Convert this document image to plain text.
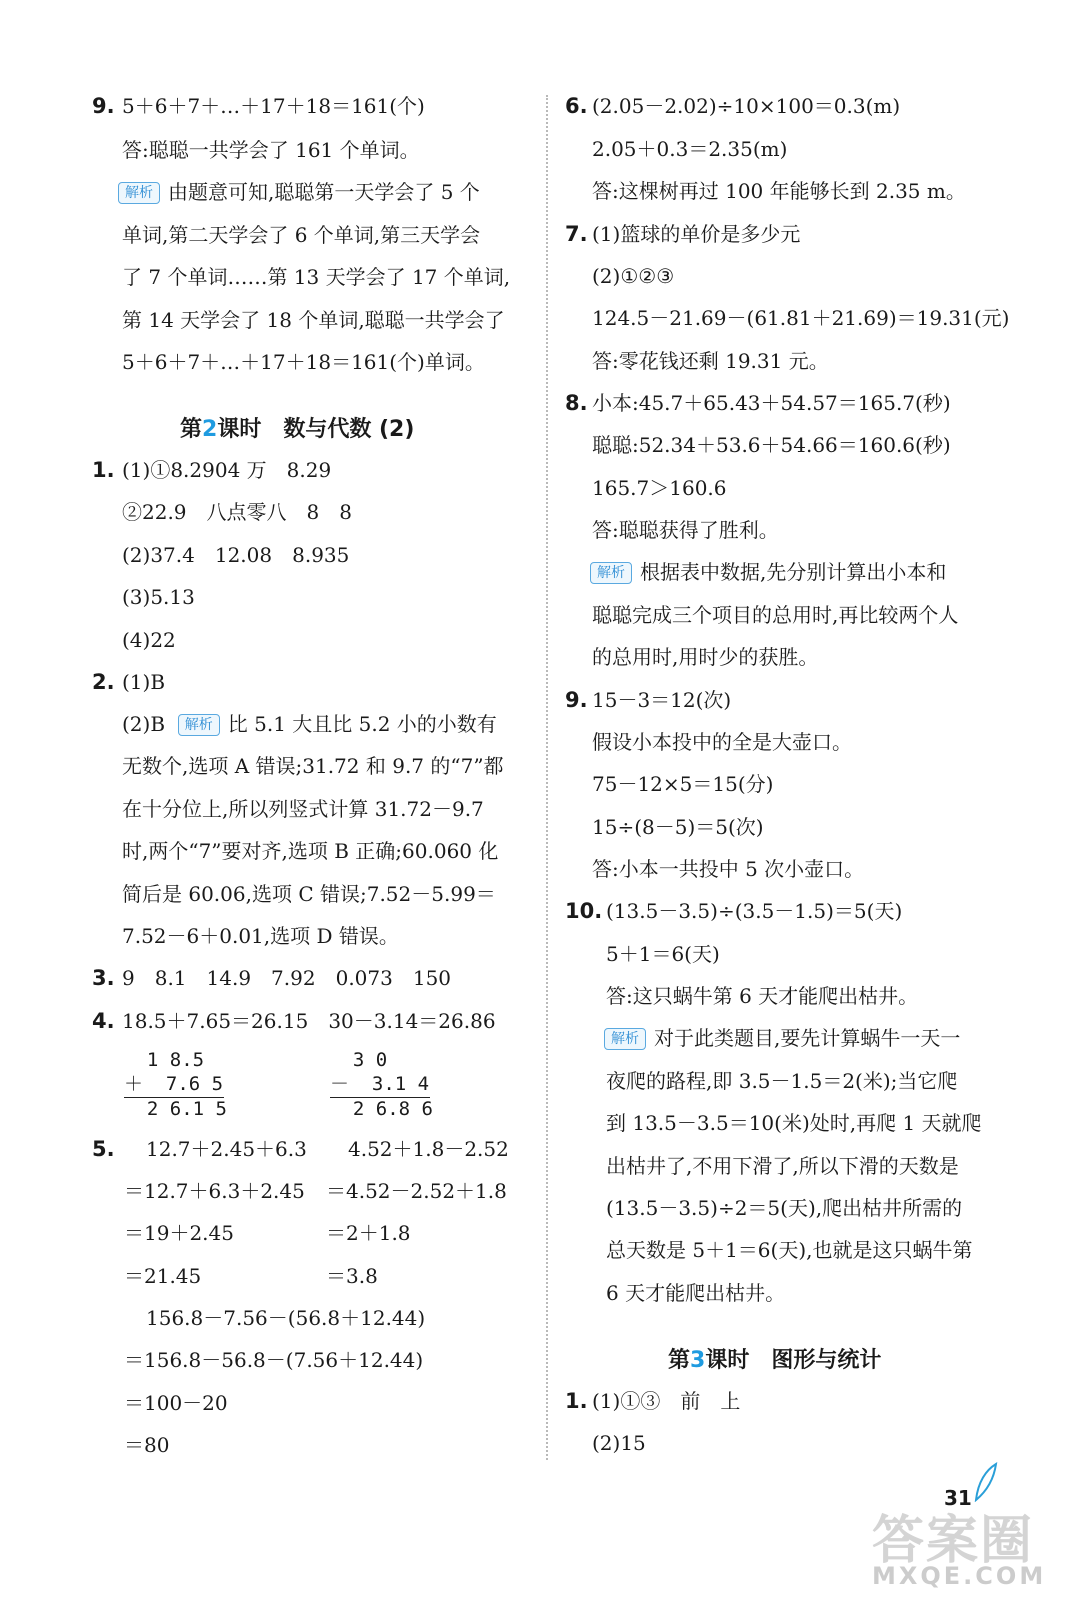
9. 5＋6＋7＋…＋17＋18＝161(个)
答:聪聪一共学会了 161 个单词。
解析 由题意可知,聪聪第一天学会了 5 个
单词,第二天学会了 6 个单词,第三天学会
了 7 个单词……第 13 天学会了 17 个单词,
第 14 天学会了 18 个单词,聪聪一共学会了
5＋6＋7＋…＋17＋18＝161(个)单词。
第2课时　数与代数 (2)
1. (1)①8.2904 万　8.29
②22.9　八点零八　8　8
(2)37.4　12.08　8.935
(3)5.13
(4)22
2. (1)B
(2)B 解析 比 5.1 大且比 5.2 小的小数有
无数个,选项 A 错误;31.72 和 9.7 的“7”都
在十分位上,所以列竖式计算 31.72－9.7
时,两个“7”要对齐,选项 B 正确;60.060 化
简后是 60.06,选项 C 错误;7.52－5.99＝
7.52－6＋0.01,选项 D 错误。
3. 9　8.1　14.9　7.92　0.073　150
4. 18.5＋7.65＝26.15　30－3.14＝26.86
1 8.5
＋  7.6 5
2 6.1 5
3 0
－  3.1 4
2 6.8 6
5. 12.7＋2.45＋6.3
＝12.7＋6.3＋2.45
＝19＋2.45
＝21.45
4.52＋1.8－2.52
＝4.52－2.52＋1.8
＝2＋1.8
＝3.8
156.8－7.56－(56.8＋12.44)
＝156.8－56.8－(7.56＋12.44)
＝100－20
＝80
6. (2.05－2.02)÷10×100＝0.3(m)
2.05＋0.3＝2.35(m)
答:这棵树再过 100 年能够长到 2.35 m。
7. (1)篮球的单价是多少元
(2)①②③
124.5－21.69－(61.81＋21.69)＝19.31(元)
答:零花钱还剩 19.31 元。
8. 小本:45.7＋65.43＋54.57＝165.7(秒)
聪聪:52.34＋53.6＋54.66＝160.6(秒)
165.7＞160.6
答:聪聪获得了胜利。
解析 根据表中数据,先分别计算出小本和
聪聪完成三个项目的总用时,再比较两个人
的总用时,用时少的获胜。
9. 15－3＝12(次)
假设小本投中的全是大壶口。
75－12×5＝15(分)
15÷(8－5)＝5(次)
答:小本一共投中 5 次小壶口。
10. (13.5－3.5)÷(3.5－1.5)＝5(天)
5＋1＝6(天)
答:这只蜗牛第 6 天才能爬出枯井。
解析 对于此类题目,要先计算蜗牛一天一
夜爬的路程,即 3.5－1.5＝2(米);当它爬
到 13.5－3.5＝10(米)处时,再爬 1 天就爬
出枯井了,不用下滑了,所以下滑的天数是
(13.5－3.5)÷2＝5(天),爬出枯井所需的
总天数是 5＋1＝6(天),也就是这只蜗牛第
6 天才能爬出枯井。
第3课时　图形与统计
1. (1)①③　前　上
(2)15
31
答案圈
MXQE.COM
